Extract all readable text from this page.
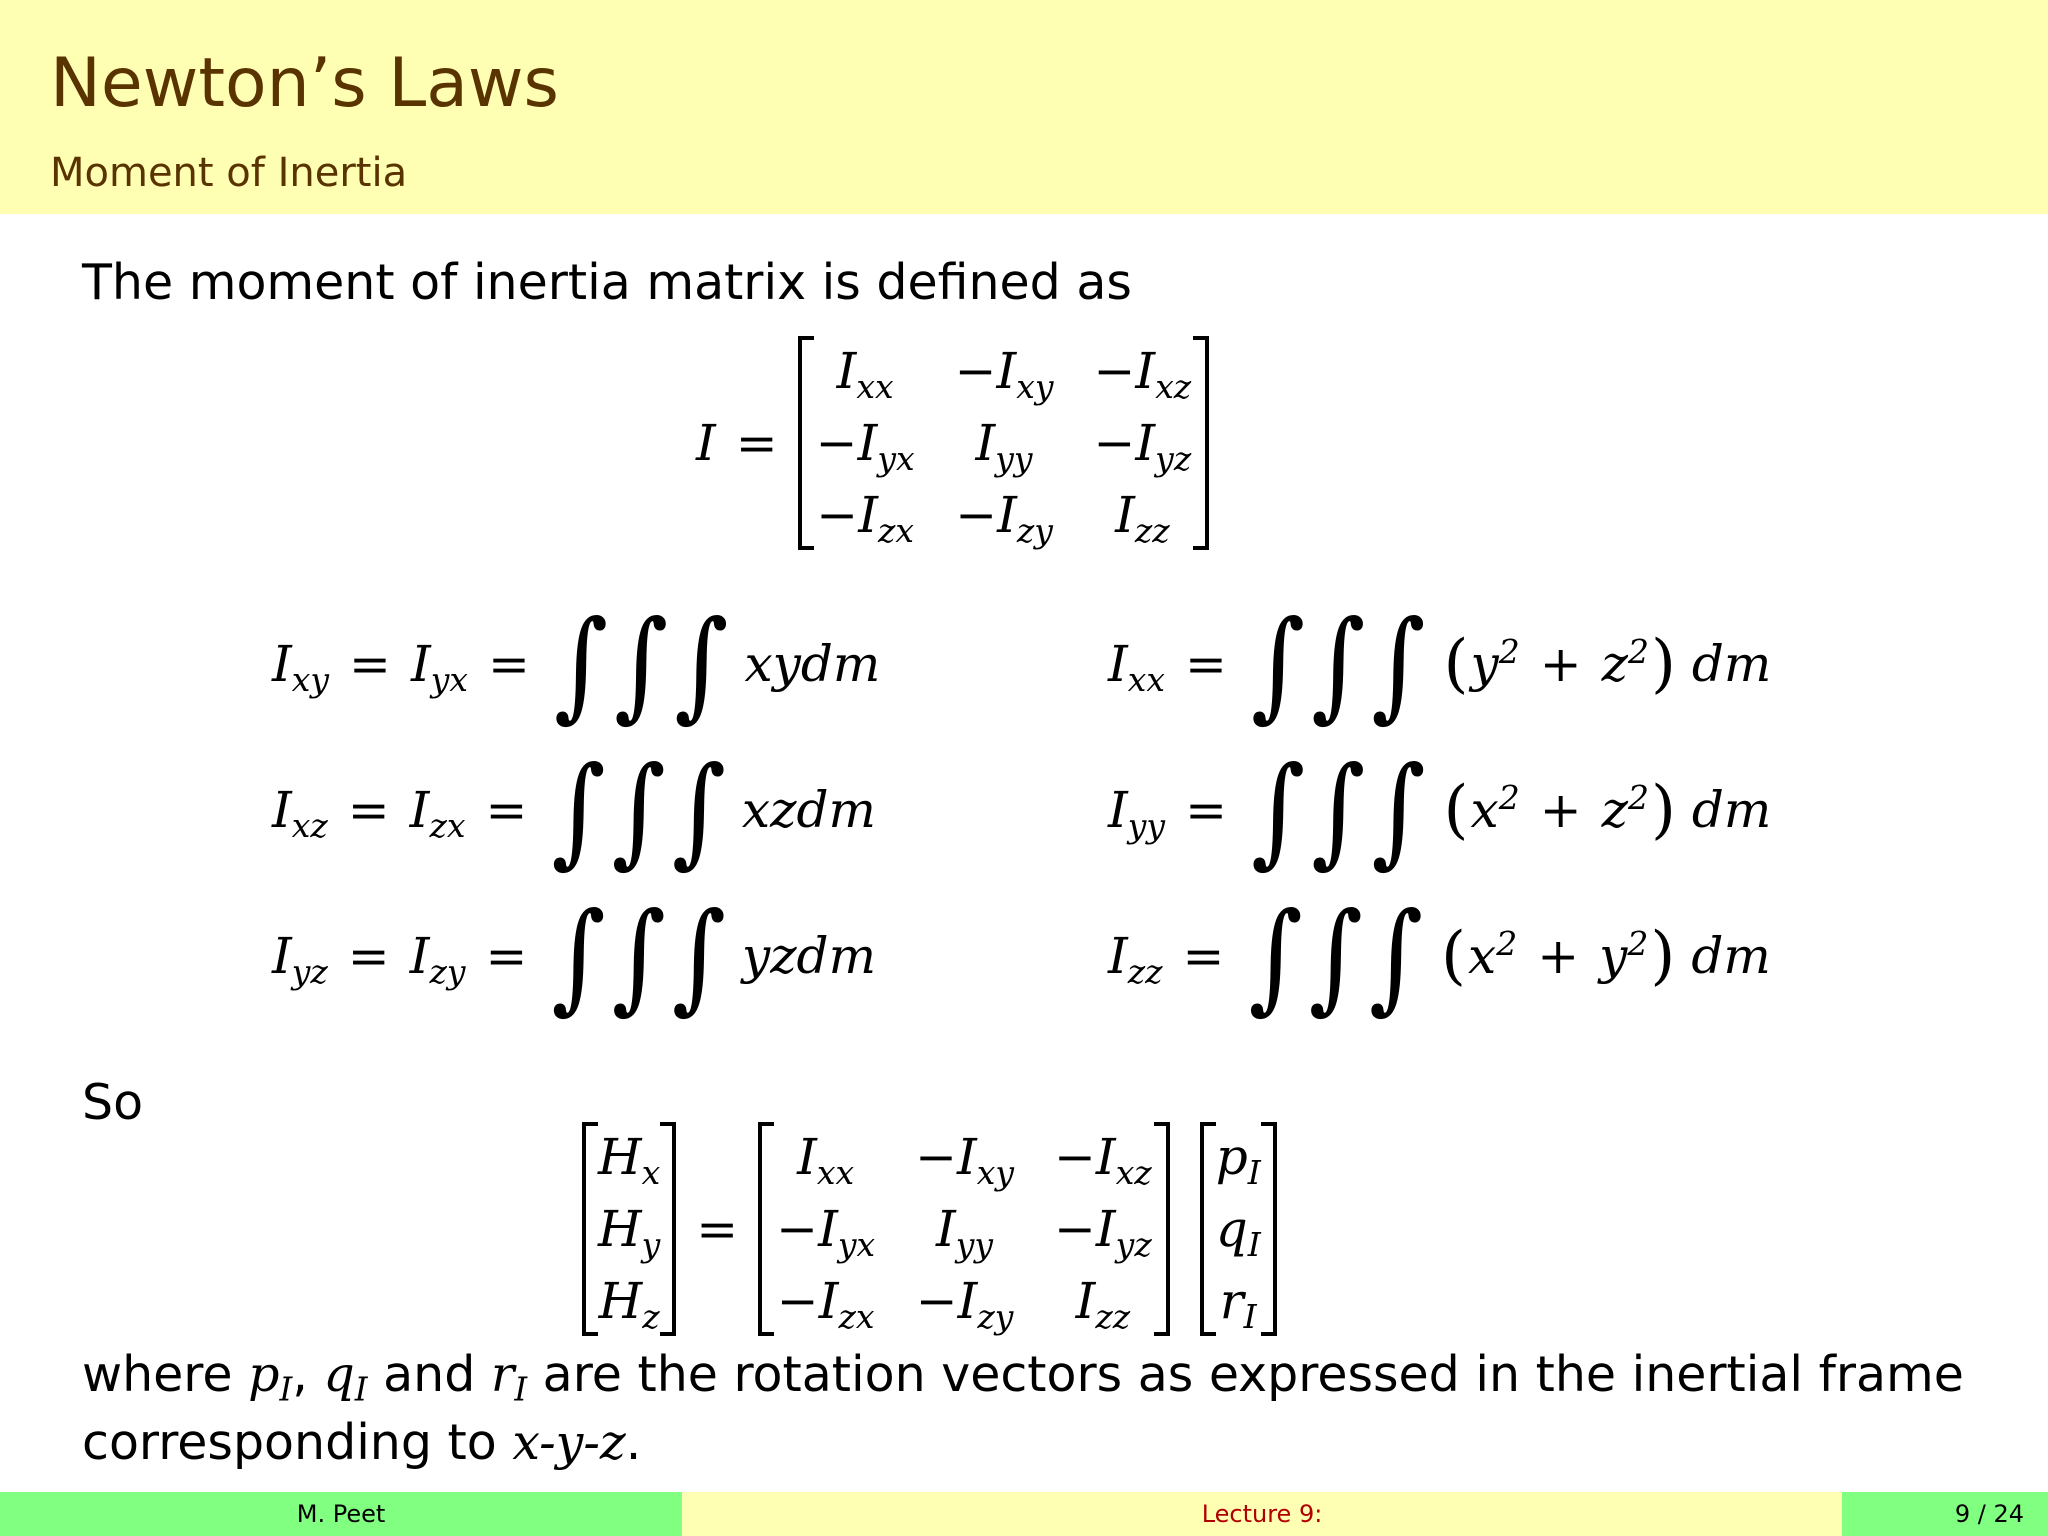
Newton’s Laws
Moment of Inertia
The moment of inertia matrix is defined as
I =
$I_{xx} -I_{xy} -I_{xz}$
$-I_{yx}$ $I_{yy} -I_{yz}$
$-I_{zx} -I_{zy}$ $I_{zz}$
$I_{xy} = I_{yx}$ = ∫∫∫ xydm
$I_{xz} = I_{zx}$ = ∫∫∫ xzdm
$I_{yz} = I_{zy}$ = ∫∫∫ yzdm
$I_{xx}$ = ∫∫∫ ( $y^2 + z^2$ ) dm
$I_{yy}$ = ∫∫∫ ( $x^2 + z^2$ ) dm
$I_{zz}$ = ∫∫∫ ( $x^2 + y^2$ ) dm
So
$H_x$
$H_y$
$H_z$
=
$I_{xx} -I_{xy} -I_{xz}$
$-I_{yx}$ $I_{yy} -I_{yz}$
$-I_{zx} -I_{zy}$ $I_{zz}$
$p_I$
$q_I$
$r_I$
where $p_I$, $q_I$ and $r_I$ are the rotation vectors as expressed in the inertial frame
corresponding to x-y-z.
M. Peet	Lecture 9:	9 / 24
